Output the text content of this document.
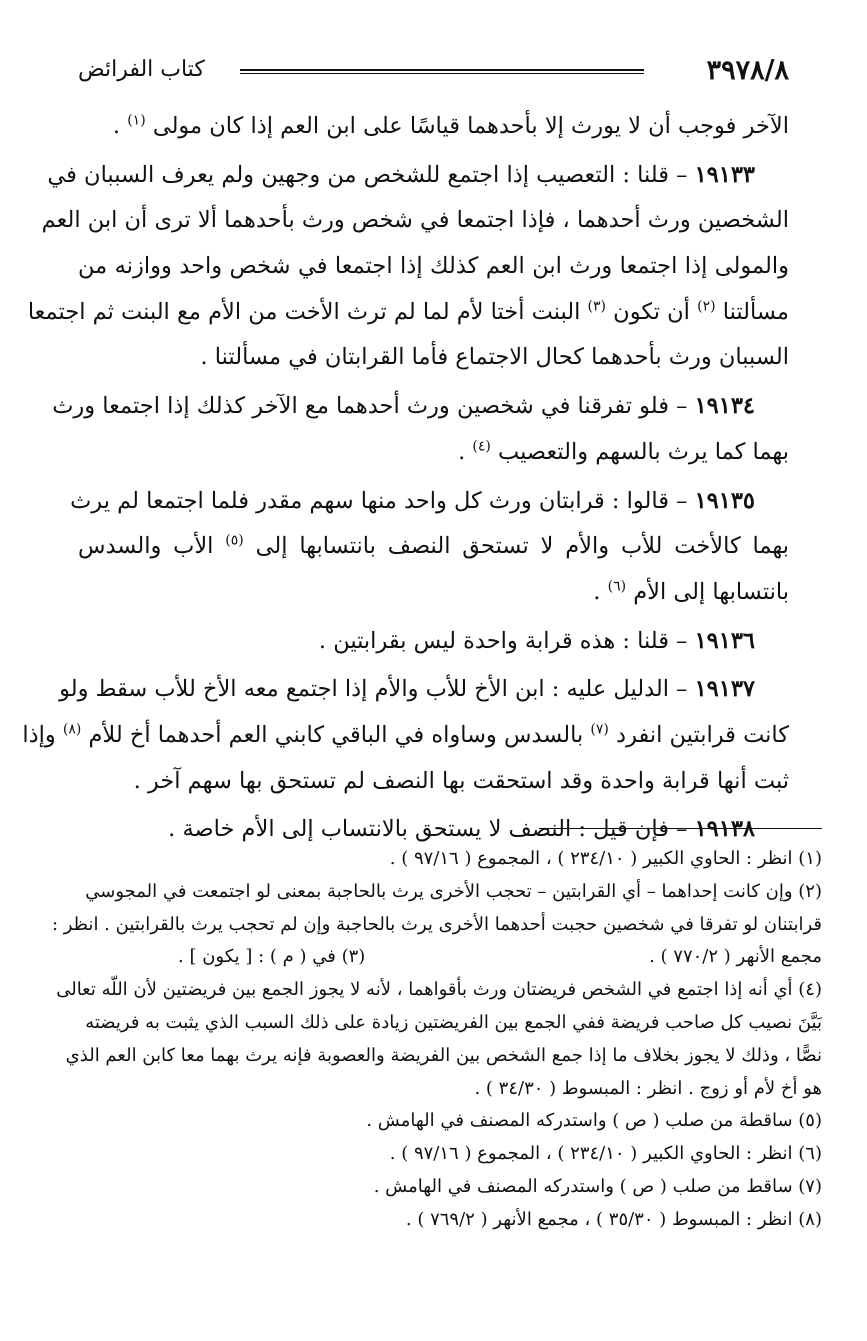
٣٩٧٨/٨
كتاب الفرائض
الآخر فوجب أن لا يورث إلا بأحدهما قياسًا على ابن العم إذا كان مولى $^{(١)}$ .
١٩١٣٣ – قلنا : التعصيب إذا اجتمع للشخص من وجهين ولم يعرف السببان في
الشخصين ورث أحدهما ، فإذا اجتمعا في شخص ورث بأحدهما ألا ترى أن ابن العم
والمولى إذا اجتمعا ورث ابن العم كذلك إذا اجتمعا في شخص واحد ووازنه من
مسألتنا $^{(٢)}$ أن تكون $^{(٣)}$ البنت أختا لأم لما لم ترث الأخت من الأم مع البنت ثم اجتمعا
السببان ورث بأحدهما كحال الاجتماع فأما القرابتان في مسألتنا .
١٩١٣٤ – فلو تفرقنا في شخصين ورث أحدهما مع الآخر كذلك إذا اجتمعا ورث
بهما كما يرث بالسهم والتعصيب $^{(٤)}$ .
١٩١٣٥ – قالوا : قرابتان ورث كل واحد منها سهم مقدر فلما اجتمعا لم يرث
بهما كالأخت للأب والأم لا تستحق النصف بانتسابها إلى $^{(٥)}$ الأب والسدس
بانتسابها إلى الأم $^{(٦)}$ .
١٩١٣٦ – قلنا : هذه قرابة واحدة ليس بقرابتين .
١٩١٣٧ – الدليل عليه : ابن الأخ للأب والأم إذا اجتمع معه الأخ للأب سقط ولو
كانت قرابتين انفرد $^{(٧)}$ بالسدس وساواه في الباقي كابني العم أحدهما أخ للأم $^{(٨)}$ وإذا
ثبت أنها قرابة واحدة وقد استحقت بها النصف لم تستحق بها سهم آخر .
١٩١٣٨ – فإن قيل : النصف لا يستحق بالانتساب إلى الأم خاصة .
(١) انظر : الحاوي الكبير ( ٢٣٤/١٠ ) ، المجموع ( ٩٧/١٦ ) .
(٢) وإن كانت إحداهما – أي القرابتين – تحجب الأخرى يرث بالحاجبة بمعنى لو اجتمعت في المجوسي
قرابتنان لو تفرقا في شخصين حجبت أحدهما الأخرى يرث بالحاجبة وإن لم تحجب يرث بالقرابتين . انظر :
مجمع الأنهر ( ٧٧٠/٢ ) .
(٣) في ( م ) : [ يكون ] .
(٤) أي أنه إذا اجتمع في الشخص فريضتان ورث بأقواهما ، لأنه لا يجوز الجمع بين فريضتين لأن اللّه تعالى
بَيَّنَ نصيب كل صاحب فريضة ففي الجمع بين الفريضتين زيادة على ذلك السبب الذي يثبت به فريضته
نصًّا ، وذلك لا يجوز بخلاف ما إذا جمع الشخص بين الفريضة والعصوبة فإنه يرث بهما معا كابن العم الذي
هو أخ لأم أو زوج . انظر : المبسوط ( ٣٤/٣٠ ) .
(٥) ساقطة من صلب ( ص ) واستدركه المصنف في الهامش .
(٦) انظر : الحاوي الكبير ( ٢٣٤/١٠ ) ، المجموع ( ٩٧/١٦ ) .
(٧) ساقط من صلب ( ص ) واستدركه المصنف في الهامش .
(٨) انظر : المبسوط ( ٣٥/٣٠ ) ، مجمع الأنهر ( ٧٦٩/٢ ) .
